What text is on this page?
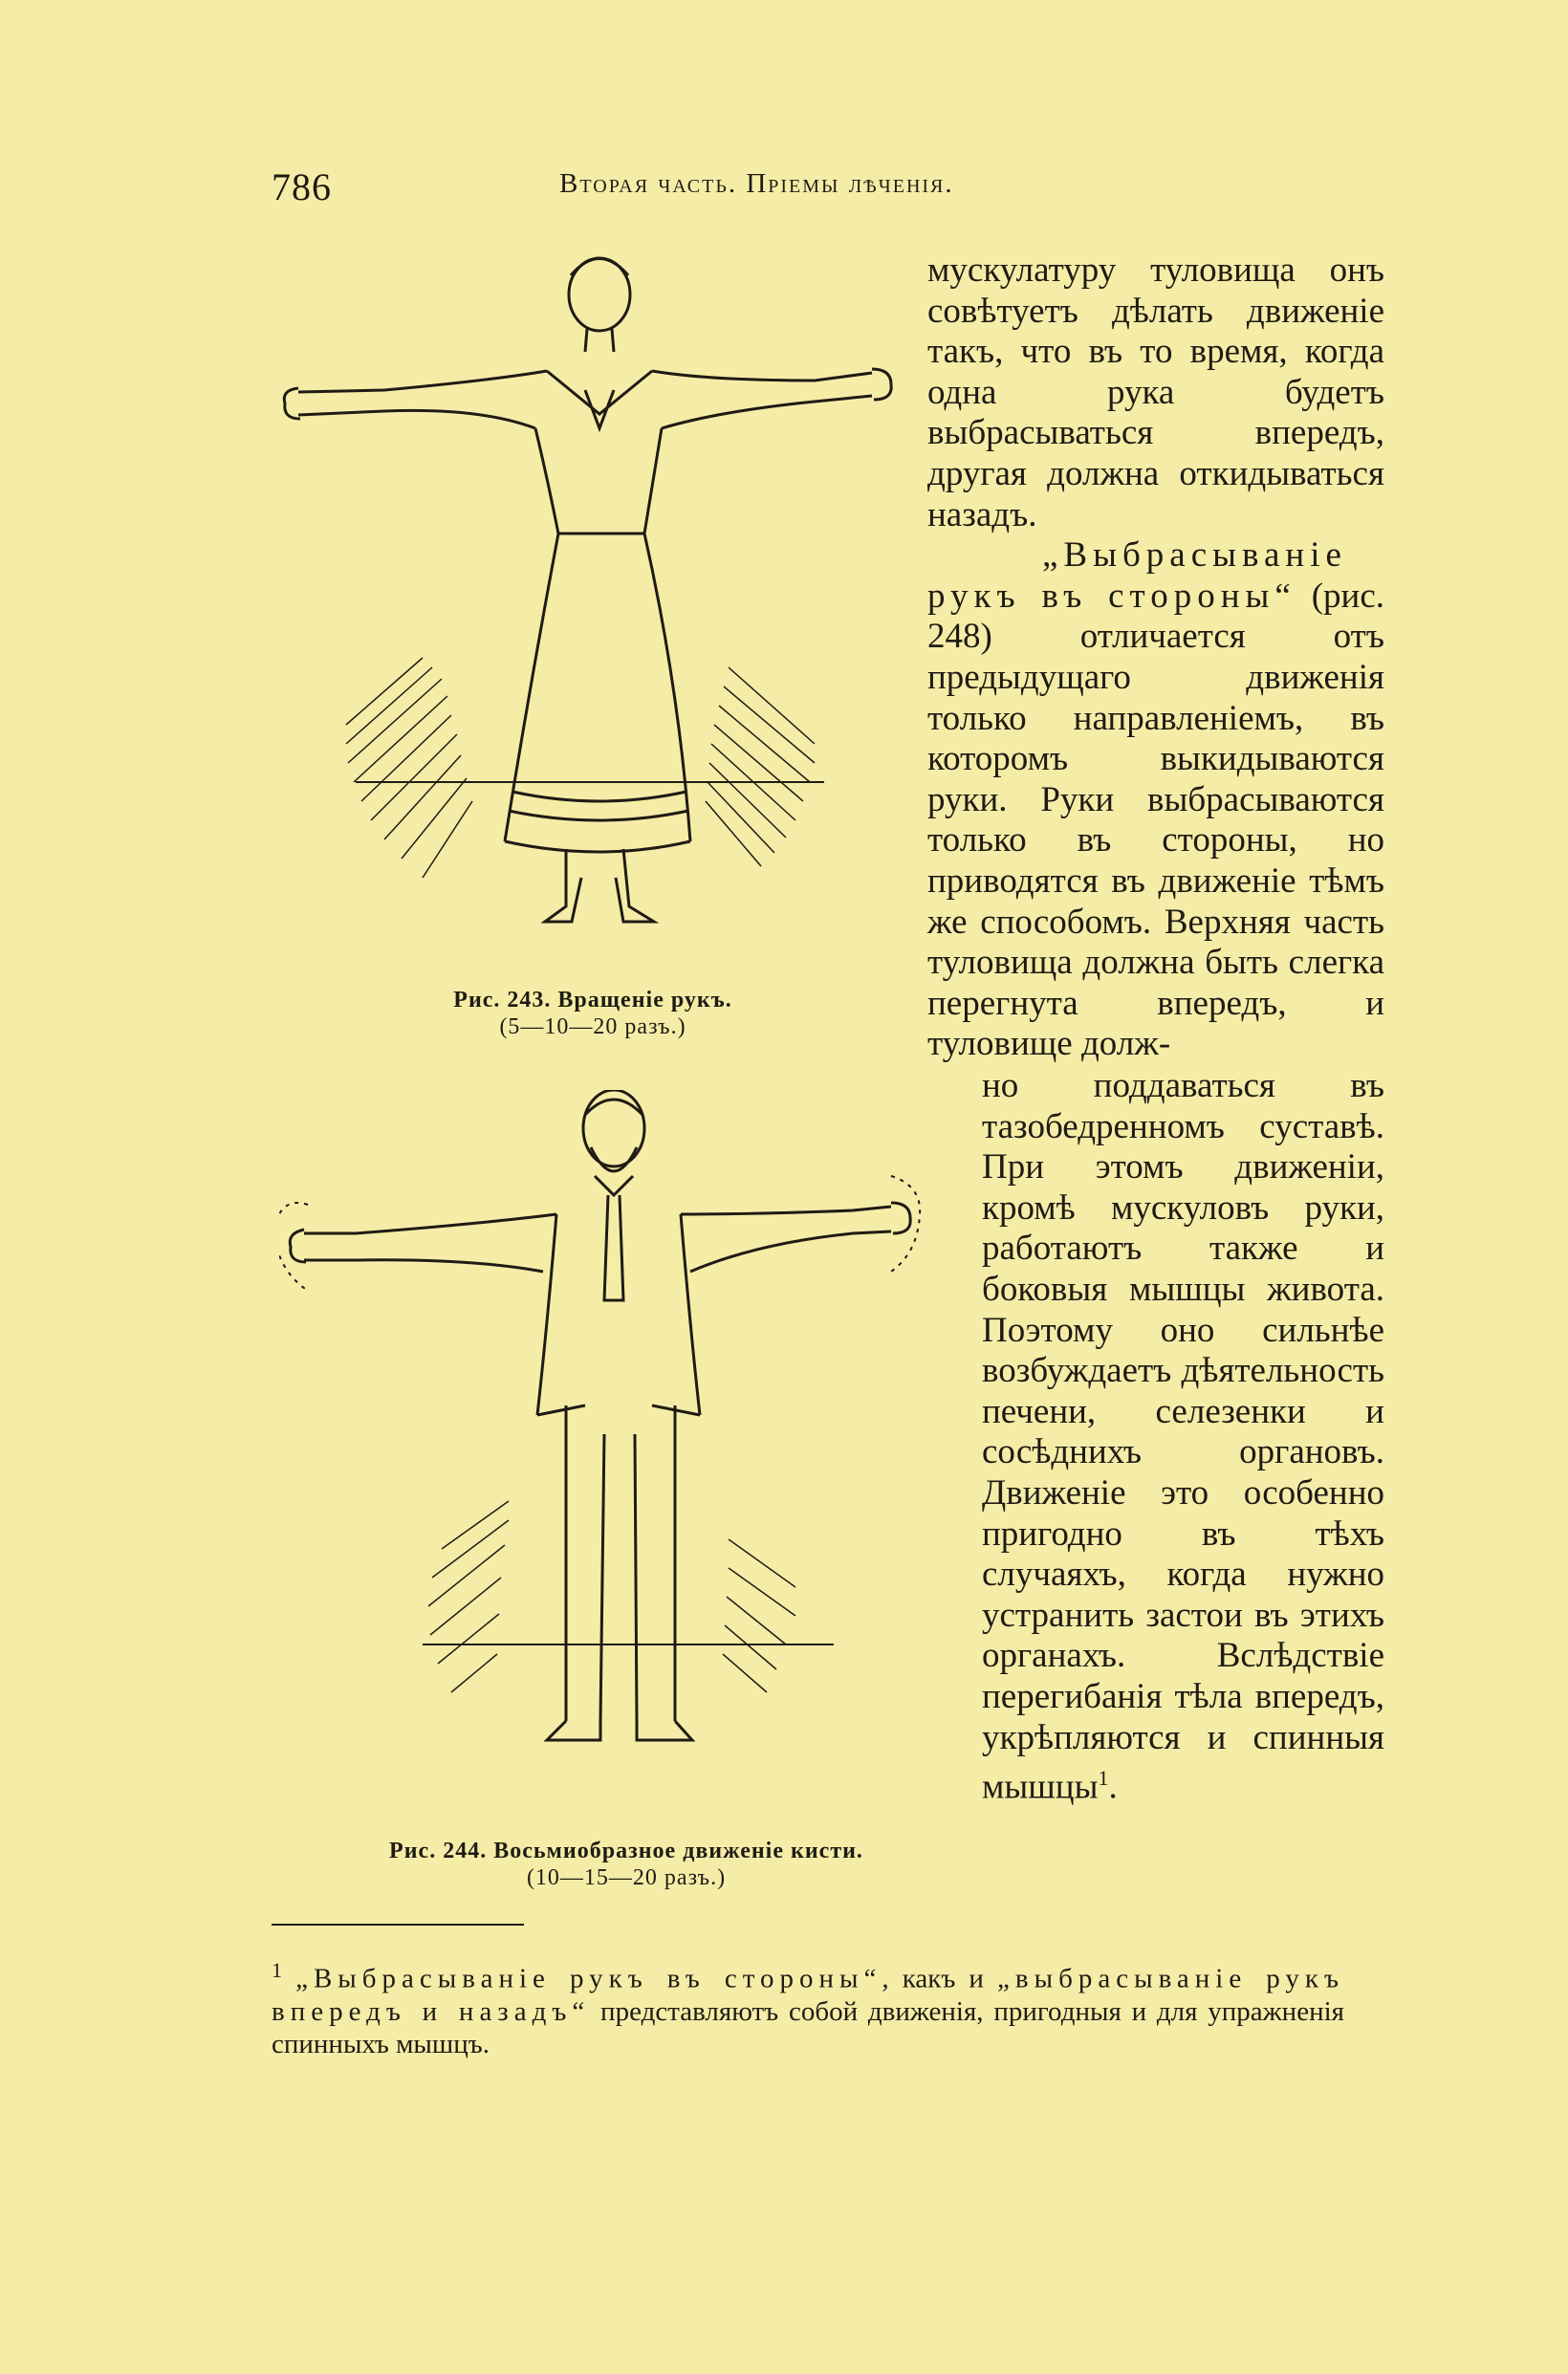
786	Вторая часть. Пріемы лѣченія.
Рис. 243. Вращеніе рукъ.
(5—10—20 разъ.)
Рис. 244. Восьмиобразное движеніе кисти.
(10—15—20 разъ.)

мускулатуру туловища онъ совѣтуетъ дѣлать движеніе такъ, что въ то время, когда одна рука будетъ выбрасываться впередъ, другая должна откидываться назадъ.

„Выбрасываніе рукъ въ стороны“ (рис. 248) отличается отъ предыдущаго движенія только направленіемъ, въ которомъ выкидываются руки. Руки выбрасываются только въ стороны, но приводятся въ движеніе тѣмъ же способомъ. Верхняя часть туловища должна быть слегка перегнута впередъ, и туловище долж-

но поддаваться въ тазобедренномъ суставѣ. При этомъ движеніи, кромѣ мускуловъ руки, работаютъ также и боковыя мышцы живота. Поэтому оно сильнѣе возбуждаетъ дѣятельность печени, селезенки и сосѣднихъ органовъ. Движеніе это особенно пригодно въ тѣхъ случаяхъ, когда нужно устранить застои въ этихъ органахъ. Вслѣдствіе перегибанія тѣла впередъ, укрѣпляются и спинныя мышцы$^1$.

$^1$ „Выбрасываніе рукъ въ стороны“, какъ и „выбрасываніе рукъ впередъ и назадъ“ представляютъ собой движенія, пригодныя и для упражненія спинныхъ мышцъ.
